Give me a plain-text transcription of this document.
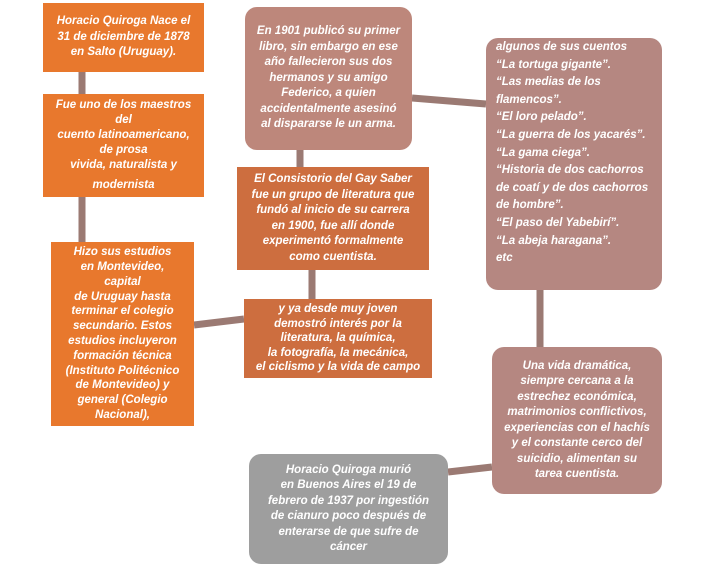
Horacio Quiroga Nace el
31 de diciembre de 1878
en Salto (Uruguay).
Fue uno de los maestros
del
cuento latinoamericano,
de prosa
vivida, naturalista y
modernista
Hizo sus estudios
en Montevideo,
capital
de Uruguay hasta
terminar el colegio
secundario. Estos
estudios incluyeron
formación técnica
(Instituto Politécnico
de Montevideo) y
general (Colegio
Nacional),
y ya desde muy joven
demostró interés por la
literatura, la química,
la fotografía, la mecánica,
el ciclismo y la vida de campo
El Consistorio del Gay Saber
fue un grupo de literatura que
fundó al inicio de su carrera
en 1900, fue allí donde
experimentó formalmente
como cuentista.
En 1901 publicó su primer
libro, sin embargo en ese
año fallecieron sus dos
hermanos y su amigo
Federico, a quien
accidentalmente asesinó
al dispararse le un arma.
algunos de sus cuentos
“La tortuga gigante”.
“Las medias de los
flamencos”.
“El loro pelado”.
“La guerra de los yacarés”.
“La gama ciega”.
“Historia de dos cachorros
de coatí y de dos cachorros
de hombre”.
“El paso del Yabebirí”.
“La abeja haragana”.
etc
Una vida dramática,
siempre cercana a la
estrechez económica,
matrimonios conflictivos,
experiencias con el hachís
y el constante cerco del
suicidio, alimentan su
tarea cuentista.
Horacio Quiroga murió
en Buenos Aires el 19 de
febrero de 1937 por ingestión
de cianuro poco después de
enterarse de que sufre de
cáncer
